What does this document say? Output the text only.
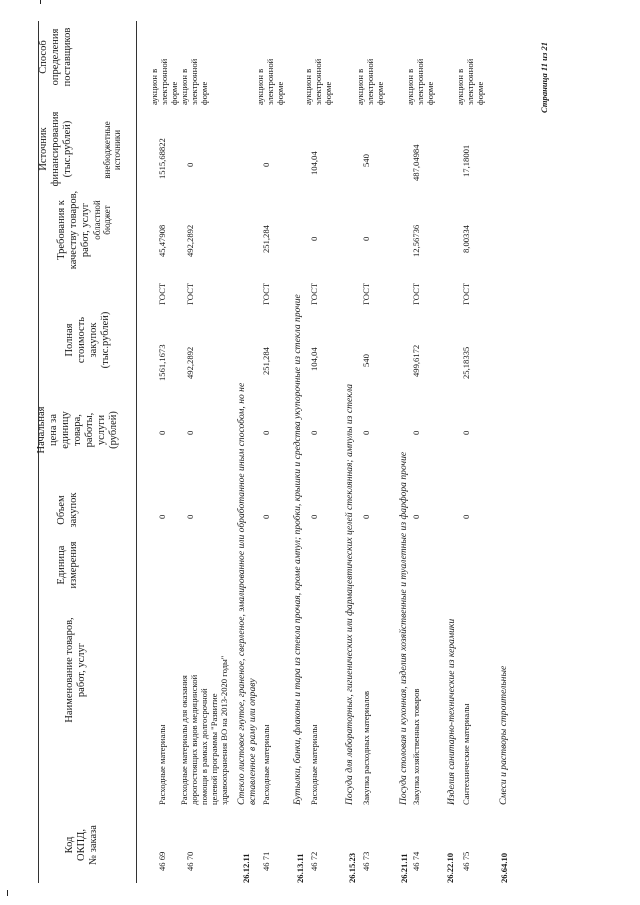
Код
ОКПД,
№ заказа
Наименование товаров,
работ, услуг
Единица
измерения
Объем
закупок
Начальная
цена за
единицу
товара,
работы,
услуги
(рублей)
Полная
стоимость
закупок
(тыс.рублей)
Требования к
качеству товаров,
работ, услуг
Источник
финансирования
(тыс.рублей)
областной
бюджет
внебюджетные
источники
Способ
определения
поставщиков
46 69
Расходные материалы
0
0
1561,1673
ГОСТ
45,47908
1515,68822
аукцион в
электронной
форме
46 70
Расходные материалы для оказания
дорогостоящих видов медицинской
помощи в рамках долгосрочной
целевой программы "Развитие
здравоохранения ВО на 2013-2020 годы"
0
0
492,2892
ГОСТ
492,2892
0
аукцион в
электронной
форме
26.12.11
Стекло листовое гнутое, граненое, сверленое, эмалированное или обработанное иным способом, но не
вставленное в раму или оправу
46 71
Расходные материалы
0
0
251,284
ГОСТ
251,284
0
аукцион в
электронной
форме
26.13.11
Бутылки, банки, флаконы и тара из стекла прочая, кроме ампул; пробки, крышки и средства укупорочные из стекла прочие
46 72
Расходные материалы
0
0
104,04
ГОСТ
0
104,04
аукцион в
электронной
форме
26.15.23
Посуда для лабораторных, гигиенических или фармацевтических целей стеклянная; ампулы из стекла
46 73
Закупка расходных материалов
0
0
540
ГОСТ
0
540
аукцион в
электронной
форме
26.21.11
Посуда столовая и кухонная, изделия хозяйственные и туалетные из фарфора прочие
46 74
Закупка хозяйственных товаров
0
0
499,6172
ГОСТ
12,56736
487,04984
аукцион в
электронной
форме
26.22.10
Изделия санитарно-технические из керамики
46 75
Сантехнические материалы
0
0
25,18335
ГОСТ
8,00334
17,18001
аукцион в
электронной
форме
26.64.10
Смеси и растворы строительные
Страница 11 из 21
